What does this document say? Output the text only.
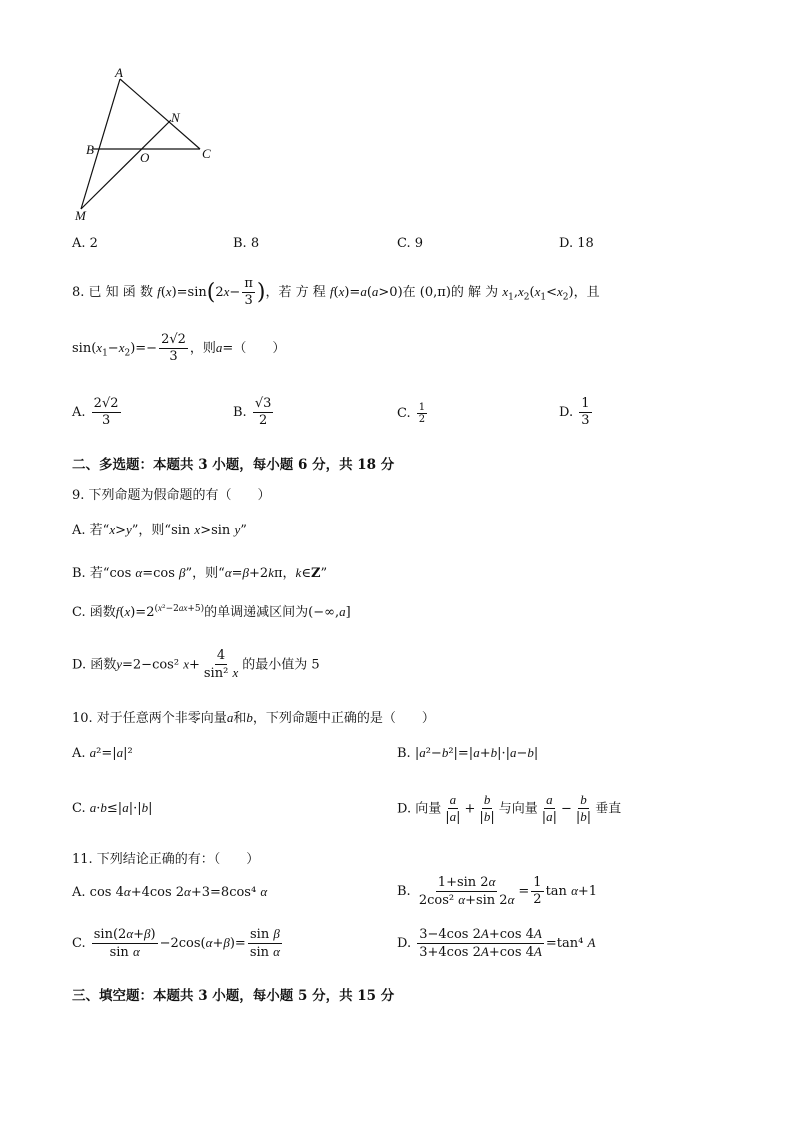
A
B	C
M
N
O
A. 2	B. 8	C. 9	D. 18
8. 已 知 函 数 $f(x)=\sin(2x- \frac{\pi}{3}$ )，若 方 程 f(x)=a(a>0)在 (0,π)的 解 为 $x_1,x_2(x_1<x_2)$，且
$\sin(x_1-x_2)=- \frac{2√2}{3}$ ，则a=（　　）
A. $\frac{2√2}{3}$	B. $\frac{√3}{2}$	C. $\frac{1}{2}$	D. $\frac{1}{3}$
二、多选题：本题共 3 小题，每小题 6 分，共 18 分
9. 下列命题为假命题的有（　　）
A. 若“x>y”，则“sin x>sin y”
B. 若“cos α=cos β”，则“α=β+2kπ，k∈Z”
C. 函数$f(x)=2^{(x^2-2ax+5)}$的单调递减区间为(−∞,a]
D. 函数y=2−cos² $x+ \frac{4}{\text{sin² x}}$ 的最小值为 5
10. 对于任意两个非零向量a和b，下列命题中正确的是（　　）
A. a²=|a|²	B. |a²−b²|=|a+b|·|a−b|
C. a·b≤|a|·|b|	D. 向量 $\frac{a}{|a|} + \frac{b}{|b|}$ 与向量 $\frac{a}{|a|} - \frac{b}{|b|}$ 垂直
11. 下列结论正确的有：（　　）
A. cos 4α+4cos 2α+3=8cos⁴ α	B. $\frac{1+\sin 2\alpha}{\text{2cos² α+sin 2α}} = \frac{1}{2}$ tan α+1
C. $\frac{\sin(2\alpha+\beta)}{\text{sin α}} -2\cos(\alpha+\beta)= \frac{\text{sin β}}{\text{sin α}}$	D. $\frac{3-4\cos 2A+\cos 4A}{3+4\cos 2A+\cos 4A} =\tan^4$ A
三、填空题：本题共 3 小题，每小题 5 分，共 15 分
